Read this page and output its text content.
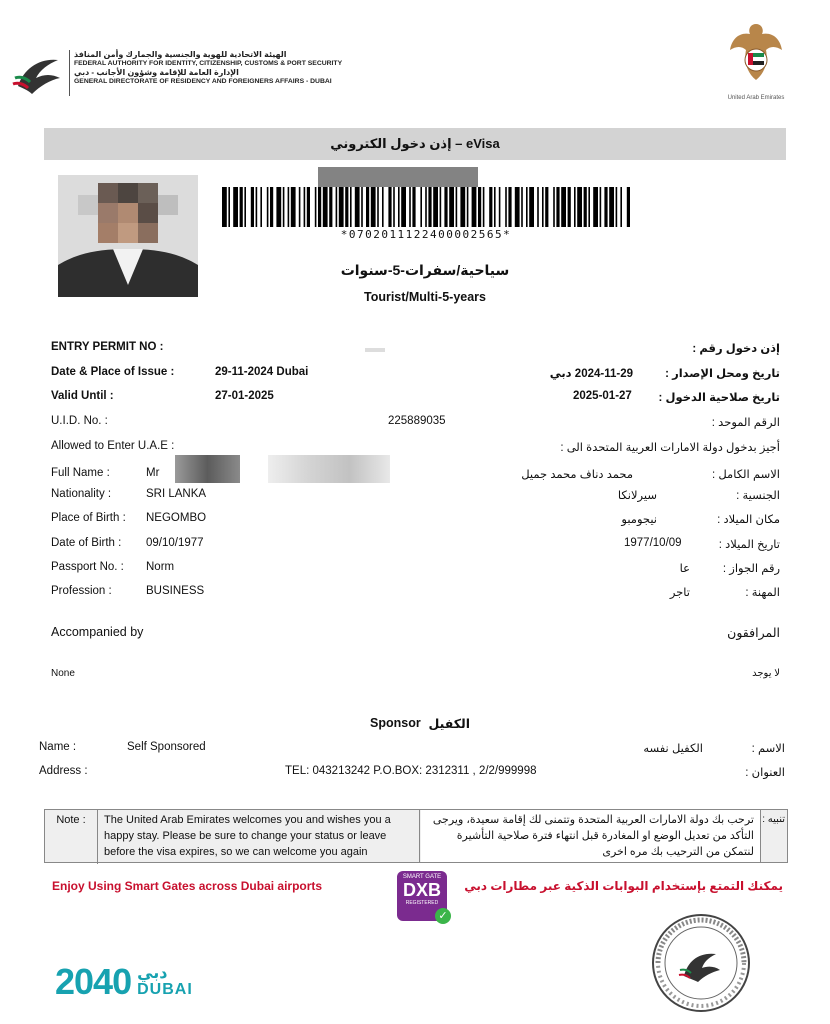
الهيئة الاتحادية للهوية والجنسية والجمارك وأمن المنافذ
FEDERAL AUTHORITY FOR IDENTITY, CITIZENSHIP, CUSTOMS & PORT SECURITY
الإدارة العامة للإقامة وشؤون الأجانب - دبي
GENERAL DIRECTORATE OF RESIDENCY AND FOREIGNERS AFFAIRS - DUBAI
United Arab Emirates
إذن دخول الكتروني – eVisa
*0702011122400002565*
سياحية/سفرات-5-سنوات
Tourist/Multi-5-years
ENTRY PERMIT NO :	إذن دخول رقم :
Date & Place of Issue :	29-11-2024 Dubai	2024-11-29 دبي	تاريخ ومحل الإصدار :
Valid Until :	27-01-2025	2025-01-27 تاريخ صلاحية الدخول :
U.I.D. No. :	225889035	الرقم الموحد :
Allowed to Enter U.A.E :	أجيز بدخول دولة الامارات العربية المتحدة الى :
Full Name :	Mr	محمد دناف محمد جميل	الاسم الكامل :
Nationality :	SRI LANKA	سيرلانكا	الجنسية :
Place of Birth : NEGOMBO	نيجومبو	مكان الميلاد :
Date of Birth : 09/10/1977	1977/10/09	تاريخ الميلاد :
Passport No. : Norm	عا	رقم الجواز :
Profession :	BUSINESS	تاجر	المهنة :
Accompanied by	المرافقون
None	لا يوجد
Sponsor الكفيل
Name :	Self Sponsored	الكفيل نفسه	الاسم :
Address :	TEL: 043213242 P.O.BOX: 2312311 , 2/2/999998	العنوان :
Note :	The United Arab Emirates welcomes you and wishes you a
happy stay. Please be sure to change your status or leave
before the visa expires, so we can welcome you again
ترحب بك دولة الامارات العربية المتحدة وتتمنى لك إقامة سعيدة، ويرجى
التأكد من تعديل الوضع او المغادرة قبل انتهاء فترة صلاحية التأشيرة
لنتمكن من الترحيب بك مره اخرى
تنبيه :
Enjoy Using Smart Gates across Dubai airports	يمكنك التمتع بإستخدام البوابات الذكية عبر مطارات دبي
SMART GATE
DXB
REGISTERED
✓
2040 دبي
DUBAI
